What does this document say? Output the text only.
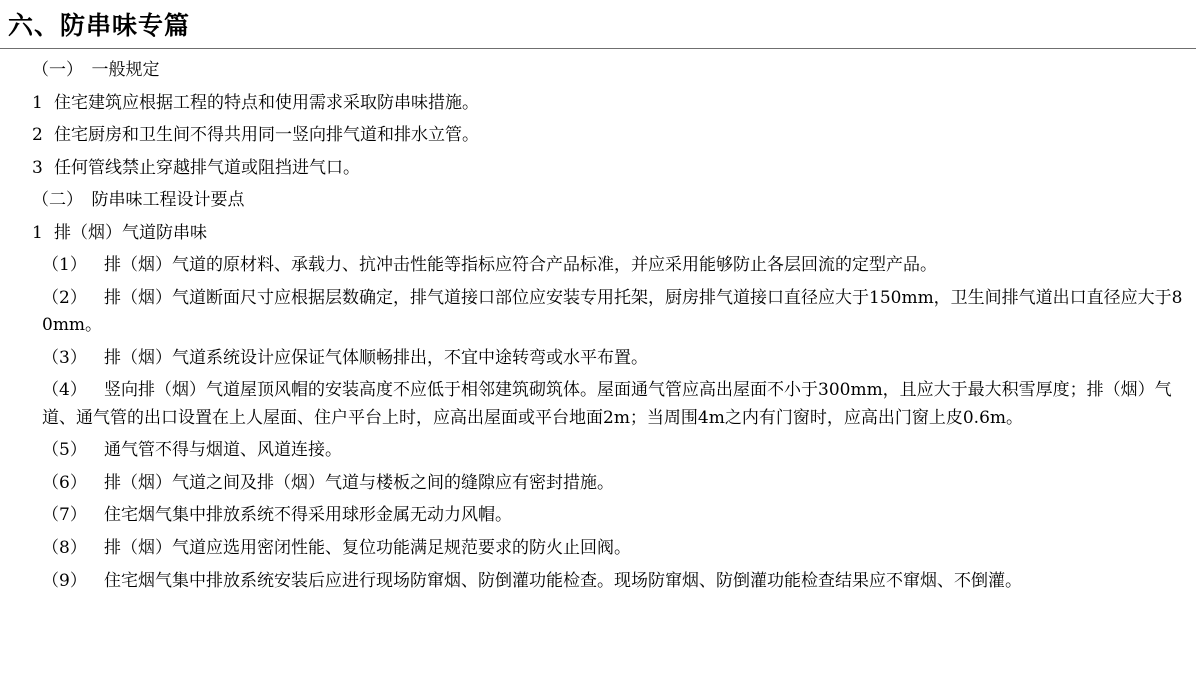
六、防串味专篇
（一）　一般规定
1 住宅建筑应根据工程的特点和使用需求采取防串味措施。
2 住宅厨房和卫生间不得共用同一竖向排气道和排水立管。
3 任何管线禁止穿越排气道或阻挡进气口。
（二）　防串味工程设计要点
1 排（烟）气道防串味
（1） 排（烟）气道的原材料、承载力、抗冲击性能等指标应符合产品标准，并应采用能够防止各层回流的定型产品。
（2） 排（烟）气道断面尺寸应根据层数确定，排气道接口部位应安装专用托架，厨房排气道接口直径应大于150mm，卫生间排气道出口直径应大于80mm。
（3） 排（烟）气道系统设计应保证气体顺畅排出，不宜中途转弯或水平布置。
（4） 竖向排（烟）气道屋顶风帽的安装高度不应低于相邻建筑砌筑体。屋面通气管应高出屋面不小于300mm，且应大于最大积雪厚度；排（烟）气道、通气管的出口设置在上人屋面、住户平台上时，应高出屋面或平台地面2m；当周围4m之内有门窗时，应高出门窗上皮0.6m。
（5） 通气管不得与烟道、风道连接。
（6） 排（烟）气道之间及排（烟）气道与楼板之间的缝隙应有密封措施。
（7） 住宅烟气集中排放系统不得采用球形金属无动力风帽。
（8） 排（烟）气道应选用密闭性能、复位功能满足规范要求的防火止回阀。
（9） 住宅烟气集中排放系统安装后应进行现场防窜烟、防倒灌功能检查。现场防窜烟、防倒灌功能检查结果应不窜烟、不倒灌。
